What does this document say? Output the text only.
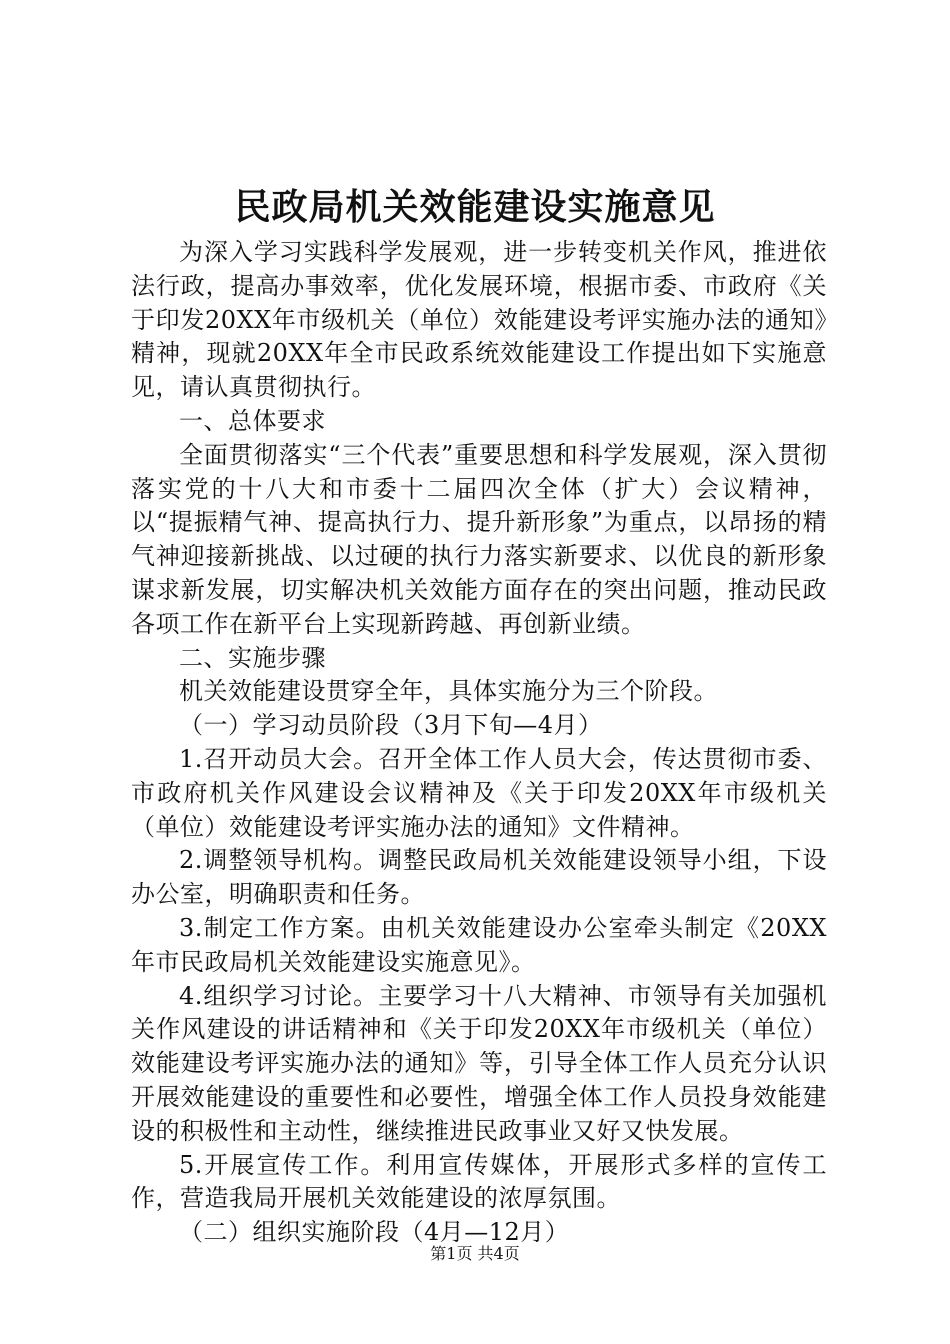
民政局机关效能建设实施意见

为深入学习实践科学发展观，进一步转变机关作风，推进依法行政，提高办事效率，优化发展环境，根据市委、市政府《关于印发20XX年市级机关（单位）效能建设考评实施办法的通知》精神，现就20XX年全市民政系统效能建设工作提出如下实施意见，请认真贯彻执行。

一、总体要求

全面贯彻落实“三个代表”重要思想和科学发展观，深入贯彻落实党的十八大和市委十二届四次全体（扩大）会议精神，以“提振精气神、提高执行力、提升新形象”为重点，以昂扬的精气神迎接新挑战、以过硬的执行力落实新要求、以优良的新形象谋求新发展，切实解决机关效能方面存在的突出问题，推动民政各项工作在新平台上实现新跨越、再创新业绩。

二、实施步骤

机关效能建设贯穿全年，具体实施分为三个阶段。

（一）学习动员阶段（3月下旬—4月）

1.召开动员大会。召开全体工作人员大会，传达贯彻市委、市政府机关作风建设会议精神及《关于印发20XX年市级机关（单位）效能建设考评实施办法的通知》文件精神。

2.调整领导机构。调整民政局机关效能建设领导小组，下设办公室，明确职责和任务。

3.制定工作方案。由机关效能建设办公室牵头制定《20XX年市民政局机关效能建设实施意见》。

4.组织学习讨论。主要学习十八大精神、市领导有关加强机关作风建设的讲话精神和《关于印发20XX年市级机关（单位）效能建设考评实施办法的通知》等，引导全体工作人员充分认识开展效能建设的重要性和必要性，增强全体工作人员投身效能建设的积极性和主动性，继续推进民政事业又好又快发展。

5.开展宣传工作。利用宣传媒体，开展形式多样的宣传工作，营造我局开展机关效能建设的浓厚氛围。

（二）组织实施阶段（4月—12月）

第1页 共4页
